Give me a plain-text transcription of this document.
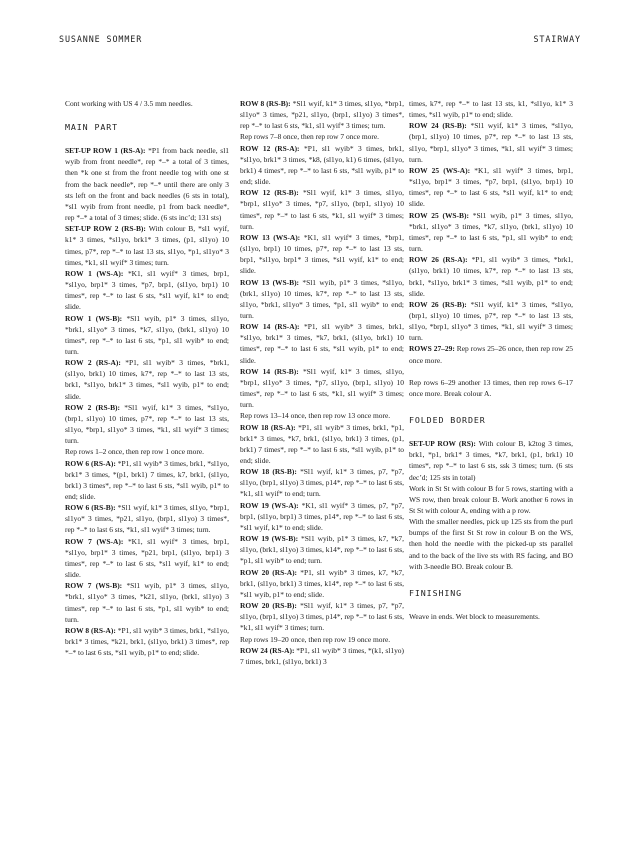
SUSANNE SOMMER	STAIRWAY

Cont working with US 4 / 3.5 mm needles.

MAIN PART

SET-UP ROW 1 (RS-A): *P1 from back needle, sl1 wyib from front needle*, rep *–* a total of 3 times, then *k one st from the front needle tog with one st from the back needle*, rep *–* until there are only 3 sts left on the front and back needles (6 sts in total), *sl1 wyib from front needle, p1 from back needle*, rep *–* a total of 3 times; slide. (6 sts inc’d; 131 sts)

SET-UP ROW 2 (RS-B): With colour B, *sl1 wyif, k1* 3 times, *sl1yo, brk1* 3 times, (p1, sl1yo) 10 times, p7*, rep *–* to last 13 sts, sl1yo, *p1, sl1yo* 3 times, *k1, sl1 wyif* 3 times; turn.

ROW 1 (WS-A): *K1, sl1 wyif* 3 times, brp1, *sl1yo, brp1* 3 times, *p7, brp1, (sl1yo, brp1) 10 times*, rep *–* to last 6 sts, *sl1 wyif, k1* to end; slide.

ROW 1 (WS-B): *Sl1 wyib, p1* 3 times, sl1yo, *brk1, sl1yo* 3 times, *k7, sl1yo, (brk1, sl1yo) 10 times*, rep *–* to last 6 sts, *p1, sl1 wyib* to end; turn.

ROW 2 (RS-A): *P1, sl1 wyib* 3 times, *brk1, (sl1yo, brk1) 10 times, k7*, rep *–* to last 13 sts, brk1, *sl1yo, brk1* 3 times, *sl1 wyib, p1* to end; slide.

ROW 2 (RS-B): *Sl1 wyif, k1* 3 times, *sl1yo, (brp1, sl1yo) 10 times, p7*, rep *–* to last 13 sts, sl1yo, *brp1, sl1yo* 3 times, *k1, sl1 wyif* 3 times; turn.

Rep rows 1–2 once, then rep row 1 once more.

ROW 6 (RS-A): *P1, sl1 wyib* 3 times, brk1, *sl1yo, brk1* 3 times, *(p1, brk1) 7 times, k7, brk1, (sl1yo, brk1) 3 times*, rep *–* to last 6 sts, *sl1 wyib, p1* to end; slide.

ROW 6 (RS-B): *Sl1 wyif, k1* 3 times, sl1yo, *brp1, sl1yo* 3 times, *p21, sl1yo, (brp1, sl1yo) 3 times*, rep *–* to last 6 sts, *k1, sl1 wyif* 3 times; turn.

ROW 7 (WS-A): *K1, sl1 wyif* 3 times, brp1, *sl1yo, brp1* 3 times, *p21, brp1, (sl1yo, brp1) 3 times*, rep *–* to last 6 sts, *sl1 wyif, k1* to end; slide.

ROW 7 (WS-B): *Sl1 wyib, p1* 3 times, sl1yo, *brk1, sl1yo* 3 times, *k21, sl1yo, (brk1, sl1yo) 3 times*, rep *–* to last 6 sts, *p1, sl1 wyib* to end; turn.

ROW 8 (RS-A): *P1, sl1 wyib* 3 times, brk1, *sl1yo, brk1* 3 times, *k21, brk1, (sl1yo, brk1) 3 times*, rep *–* to last 6 sts, *sl1 wyib, p1* to end; slide.

ROW 8 (RS-B): *Sl1 wyif, k1* 3 times, sl1yo, *brp1, sl1yo* 3 times, *p21, sl1yo, (brp1, sl1yo) 3 times*, rep *–* to last 6 sts, *k1, sl1 wyif* 3 times; turn.

Rep rows 7–8 once, then rep row 7 once more.

ROW 12 (RS-A): *P1, sl1 wyib* 3 times, brk1, *sl1yo, brk1* 3 times, *k8, (sl1yo, k1) 6 times, (sl1yo, brk1) 4 times*, rep *–* to last 6 sts, *sl1 wyib, p1* to end; slide.

ROW 12 (RS-B): *Sl1 wyif, k1* 3 times, sl1yo, *brp1, sl1yo* 3 times, *p7, sl1yo, (brp1, sl1yo) 10 times*, rep *–* to last 6 sts, *k1, sl1 wyif* 3 times; turn.

ROW 13 (WS-A): *K1, sl1 wyif* 3 times, *brp1, (sl1yo, brp1) 10 times, p7*, rep *–* to last 13 sts, brp1, *sl1yo, brp1* 3 times, *sl1 wyif, k1* to end; slide.

ROW 13 (WS-B): *Sl1 wyib, p1* 3 times, *sl1yo, (brk1, sl1yo) 10 times, k7*, rep *–* to last 13 sts, sl1yo, *brk1, sl1yo* 3 times, *p1, sl1 wyib* to end; turn.

ROW 14 (RS-A): *P1, sl1 wyib* 3 times, brk1, *sl1yo, brk1* 3 times, *k7, brk1, (sl1yo, brk1) 10 times*, rep *–* to last 6 sts, *sl1 wyib, p1* to end; slide.

ROW 14 (RS-B): *Sl1 wyif, k1* 3 times, sl1yo, *brp1, sl1yo* 3 times, *p7, sl1yo, (brp1, sl1yo) 10 times*, rep *–* to last 6 sts, *k1, sl1 wyif* 3 times; turn.

Rep rows 13–14 once, then rep row 13 once more.

ROW 18 (RS-A): *P1, sl1 wyib* 3 times, brk1, *p1, brk1* 3 times, *k7, brk1, (sl1yo, brk1) 3 times, (p1, brk1) 7 times*, rep *–* to last 6 sts, *sl1 wyib, p1* to end; slide.

ROW 18 (RS-B): *Sl1 wyif, k1* 3 times, p7, *p7, sl1yo, (brp1, sl1yo) 3 times, p14*, rep *–* to last 6 sts, *k1, sl1 wyif* to end; turn.

ROW 19 (WS-A): *K1, sl1 wyif* 3 times, p7, *p7, brp1, (sl1yo, brp1) 3 times, p14*, rep *–* to last 6 sts, *sl1 wyif, k1* to end; slide.

ROW 19 (WS-B): *Sl1 wyib, p1* 3 times, k7, *k7, sl1yo, (brk1, sl1yo) 3 times, k14*, rep *–* to last 6 sts, *p1, sl1 wyib* to end; turn.

ROW 20 (RS-A): *P1, sl1 wyib* 3 times, k7, *k7, brk1, (sl1yo, brk1) 3 times, k14*, rep *–* to last 6 sts, *sl1 wyib, p1* to end; slide.

ROW 20 (RS-B): *Sl1 wyif, k1* 3 times, p7, *p7, sl1yo, (brp1, sl1yo) 3 times, p14*, rep *–* to last 6 sts, *k1, sl1 wyif* 3 times; turn.

Rep rows 19–20 once, then rep row 19 once more.

ROW 24 (RS-A): *P1, sl1 wyib* 3 times, *(k1, sl1yo) 7 times, brk1, (sl1yo, brk1) 3

times, k7*, rep *–* to last 13 sts, k1, *sl1yo, k1* 3 times, *sl1 wyib, p1* to end; slide.

ROW 24 (RS-B): *Sl1 wyif, k1* 3 times, *sl1yo, (brp1, sl1yo) 10 times, p7*, rep *–* to last 13 sts, sl1yo, *brp1, sl1yo* 3 times, *k1, sl1 wyif* 3 times; turn.

ROW 25 (WS-A): *K1, sl1 wyif* 3 times, brp1, *sl1yo, brp1* 3 times, *p7, brp1, (sl1yo, brp1) 10 times*, rep *–* to last 6 sts, *sl1 wyif, k1* to end; slide.

ROW 25 (WS-B): *Sl1 wyib, p1* 3 times, sl1yo, *brk1, sl1yo* 3 times, *k7, sl1yo, (brk1, sl1yo) 10 times*, rep *–* to last 6 sts, *p1, sl1 wyib* to end; turn.

ROW 26 (RS-A): *P1, sl1 wyib* 3 times, *brk1, (sl1yo, brk1) 10 times, k7*, rep *–* to last 13 sts, brk1, *sl1yo, brk1* 3 times, *sl1 wyib, p1* to end; slide.

ROW 26 (RS-B): *Sl1 wyif, k1* 3 times, *sl1yo, (brp1, sl1yo) 10 times, p7*, rep *–* to last 13 sts, sl1yo, *brp1, sl1yo* 3 times, *k1, sl1 wyif* 3 times; turn.

ROWS 27–29: Rep rows 25–26 once, then rep row 25 once more.

Rep rows 6–29 another 13 times, then rep rows 6–17 once more. Break colour A.

FOLDED BORDER

SET-UP ROW (RS): With colour B, k2tog 3 times, brk1, *p1, brk1* 3 times, *k7, brk1, (p1, brk1) 10 times*, rep *–* to last 6 sts, ssk 3 times; turn. (6 sts dec’d; 125 sts in total)

Work in St St with colour B for 5 rows, starting with a WS row, then break colour B. Work another 6 rows in St St with colour A, ending with a p row.

With the smaller needles, pick up 125 sts from the purl bumps of the first St St row in colour B on the WS, then hold the needle with the picked-up sts parallel and to the back of the live sts with RS facing, and BO with 3-needle BO. Break colour B.

FINISHING

Weave in ends. Wet block to measurements.
